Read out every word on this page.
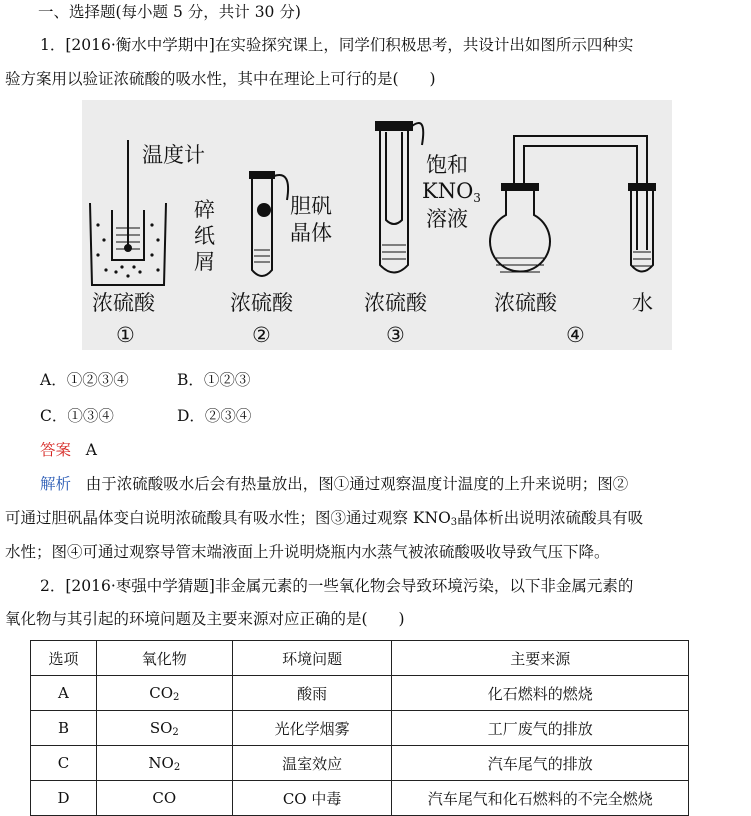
一、选择题(每小题 5 分，共计 30 分)
1．[2016·衡水中学期中]在实验探究课上，同学们积极思考，共设计出如图所示四种实
验方案用以验证浓硫酸的吸水性，其中在理论上可行的是(　　)
温度计
碎
纸
屑
胆矾
晶体
饱和
KNO3
溶液
浓硫酸	浓硫酸	浓硫酸	浓硫酸	水
①	②	③	④
A．①②③④	B．①②③
C．①③④	D．②③④
答案 A
解析 由于浓硫酸吸水后会有热量放出，图①通过观察温度计温度的上升来说明；图②
可通过胆矾晶体变白说明浓硫酸具有吸水性；图③通过观察 $KNO_3$晶体析出说明浓硫酸具有吸
水性；图④可通过观察导管末端液面上升说明烧瓶内水蒸气被浓硫酸吸收导致气压下降。
2．[2016·枣强中学猜题]非金属元素的一些氧化物会导致环境污染，以下非金属元素的
氧化物与其引起的环境问题及主要来源对应正确的是(　　)
选项	氧化物	环境问题	主要来源
A	$CO_2$	酸雨	化石燃料的燃烧
B	$SO_2$	光化学烟雾	工厂废气的排放
C	$NO_2$	温室效应	汽车尾气的排放
D	CO	CO 中毒	汽车尾气和化石燃料的不完全燃烧
